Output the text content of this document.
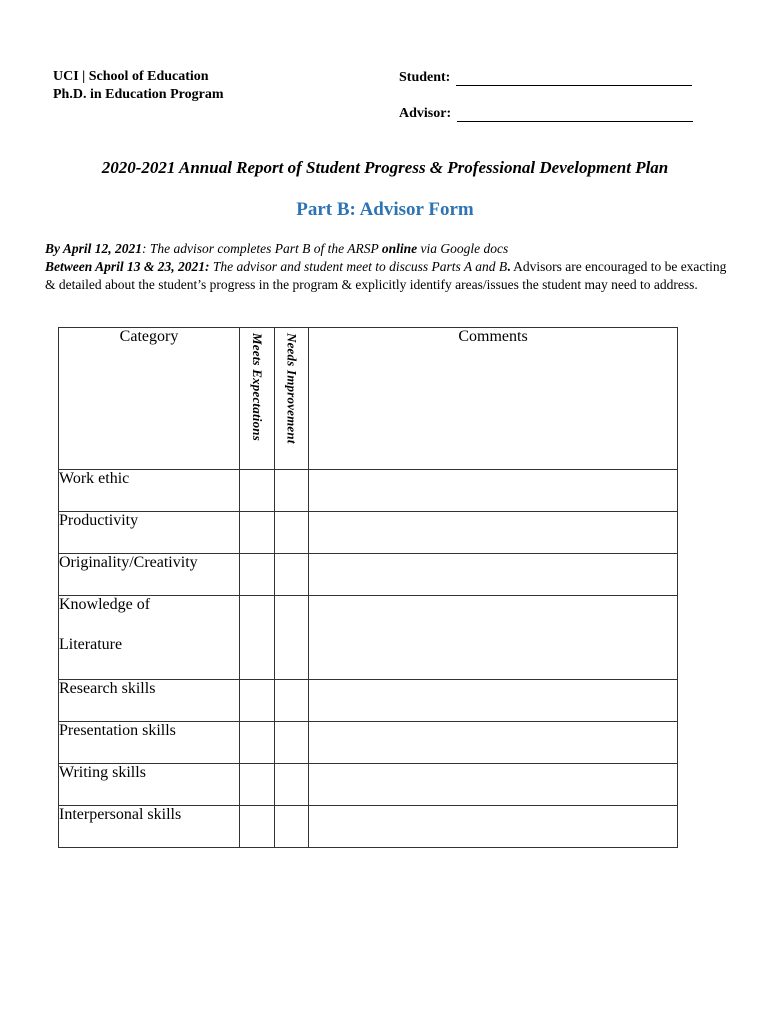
UCI | School of Education
Ph.D. in Education Program
Student:
Advisor:
2020-2021 Annual Report of Student Progress & Professional Development Plan
Part B: Advisor Form
By April 12, 2021: The advisor completes Part B of the ARSP online via Google docs
Between April 13 & 23, 2021: The advisor and student meet to discuss Parts A and B. Advisors are encouraged to be exacting & detailed about the student’s progress in the program & explicitly identify areas/issues the student may need to address.
Category	Meets Expectations	Needs Improvement	Comments
Work ethic			
Productivity			
Originality/Creativity			

Knowledge of
Literature			

Research skills			
Presentation skills			
Writing skills			
Interpersonal skills			
